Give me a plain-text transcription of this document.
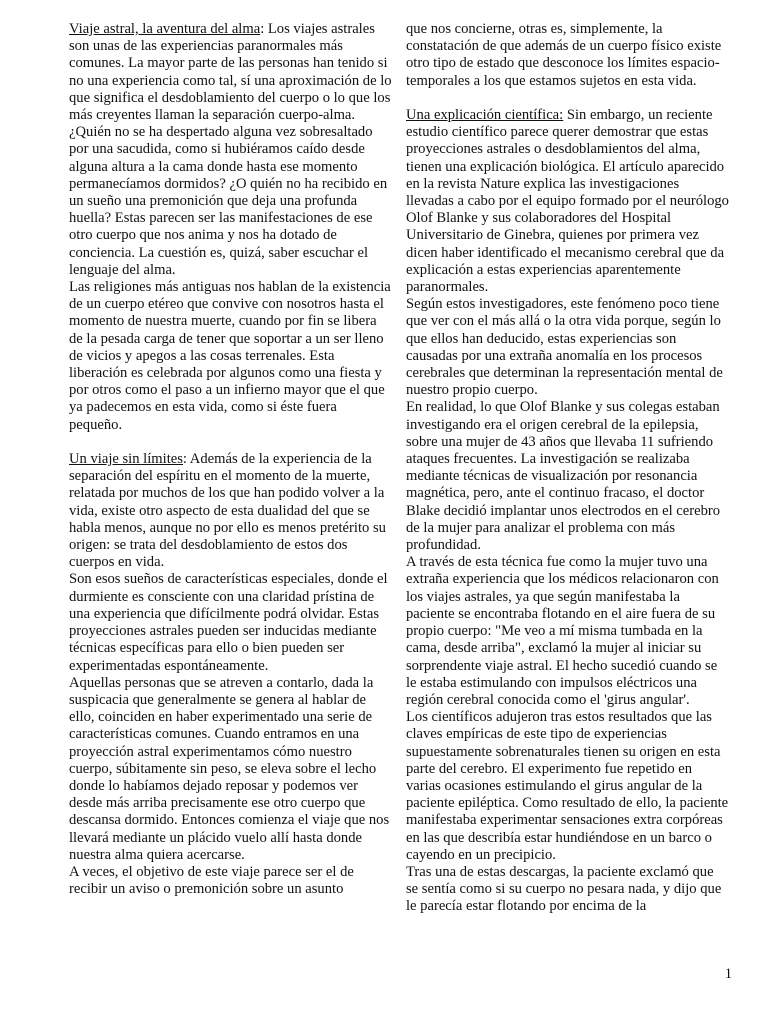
Viaje astral, la aventura del alma: Los viajes astrales son unas de las experiencias paranormales más comunes. La mayor parte de las personas han tenido si no una experiencia como tal, sí una aproximación de lo que significa el desdoblamiento del cuerpo o lo que los más creyentes llaman la separación cuerpo-alma. ¿Quién no se ha despertado alguna vez sobresaltado por una sacudida, como si hubiéramos caído desde alguna altura a la cama donde hasta ese momento permanecíamos dormidos? ¿O quién no ha recibido en un sueño una premonición que deja una profunda huella? Estas parecen ser las manifestaciones de ese otro cuerpo que nos anima y nos ha dotado de conciencia. La cuestión es, quizá, saber escuchar el lenguaje del alma.

Las religiones más antiguas nos hablan de la existencia de un cuerpo etéreo que convive con nosotros hasta el momento de nuestra muerte, cuando por fin se libera de la pesada carga de tener que soportar a un ser lleno de vicios y apegos a las cosas terrenales. Esta liberación es celebrada por algunos como una fiesta y por otros como el paso a un infierno mayor que el que ya padecemos en esta vida, como si éste fuera pequeño.

Un viaje sin límites: Además de la experiencia de la separación del espíritu en el momento de la muerte, relatada por muchos de los que han podido volver a la vida, existe otro aspecto de esta dualidad del que se habla menos, aunque no por ello es menos pretérito su origen: se trata del desdoblamiento de estos dos cuerpos en vida.

Son esos sueños de características especiales, donde el durmiente es consciente con una claridad prístina de una experiencia que difícilmente podrá olvidar. Estas proyecciones astrales pueden ser inducidas mediante técnicas específicas para ello o bien pueden ser experimentadas espontáneamente.

Aquellas personas que se atreven a contarlo, dada la suspicacia que generalmente se genera al hablar de ello, coinciden en haber experimentado una serie de características comunes. Cuando entramos en una proyección astral experimentamos cómo nuestro cuerpo, súbitamente sin peso, se eleva sobre el lecho donde lo habíamos dejado reposar y podemos ver desde más arriba precisamente ese otro cuerpo que descansa dormido. Entonces comienza el viaje que nos llevará mediante un plácido vuelo allí hasta donde nuestra alma quiera acercarse.

A veces, el objetivo de este viaje parece ser el de recibir un aviso o premonición sobre un asunto

que nos concierne, otras es, simplemente, la constatación de que además de un cuerpo físico existe otro tipo de estado que desconoce los límites espacio-temporales a los que estamos sujetos en esta vida.

Una explicación científica: Sin embargo, un reciente estudio científico parece querer demostrar que estas proyecciones astrales o desdoblamientos del alma, tienen una explicación biológica. El artículo aparecido en la revista Nature explica las investigaciones llevadas a cabo por el equipo formado por el neurólogo Olof Blanke y sus colaboradores del Hospital Universitario de Ginebra, quienes por primera vez dicen haber identificado el mecanismo cerebral que da explicación a estas experiencias aparentemente paranormales.

Según estos investigadores, este fenómeno poco tiene que ver con el más allá o la otra vida porque, según lo que ellos han deducido, estas experiencias son causadas por una extraña anomalía en los procesos cerebrales que determinan la representación mental de nuestro propio cuerpo.

En realidad, lo que Olof Blanke y sus colegas estaban investigando era el origen cerebral de la epilepsia, sobre una mujer de 43 años que llevaba 11 sufriendo ataques frecuentes. La investigación se realizaba mediante técnicas de visualización por resonancia magnética, pero, ante el continuo fracaso, el doctor Blake decidió implantar unos electrodos en el cerebro de la mujer para analizar el problema con más profundidad.

A través de esta técnica fue como la mujer tuvo una extraña experiencia que los médicos relacionaron con los viajes astrales, ya que según manifestaba la paciente se encontraba flotando en el aire fuera de su propio cuerpo: "Me veo a mí misma tumbada en la cama, desde arriba", exclamó la mujer al iniciar su sorprendente viaje astral. El hecho sucedió cuando se le estaba estimulando con impulsos eléctricos una región cerebral conocida como el 'girus angular'.

Los científicos adujeron tras estos resultados que las claves empíricas de este tipo de experiencias supuestamente sobrenaturales tienen su origen en esta parte del cerebro. El experimento fue repetido en varias ocasiones estimulando el girus angular de la paciente epiléptica. Como resultado de ello, la paciente manifestaba experimentar sensaciones extra corpóreas en las que describía estar hundiéndose en un barco o cayendo en un precipicio.

Tras una de estas descargas, la paciente exclamó que se sentía como si su cuerpo no pesara nada, y dijo que le parecía estar flotando por encima de la

1
